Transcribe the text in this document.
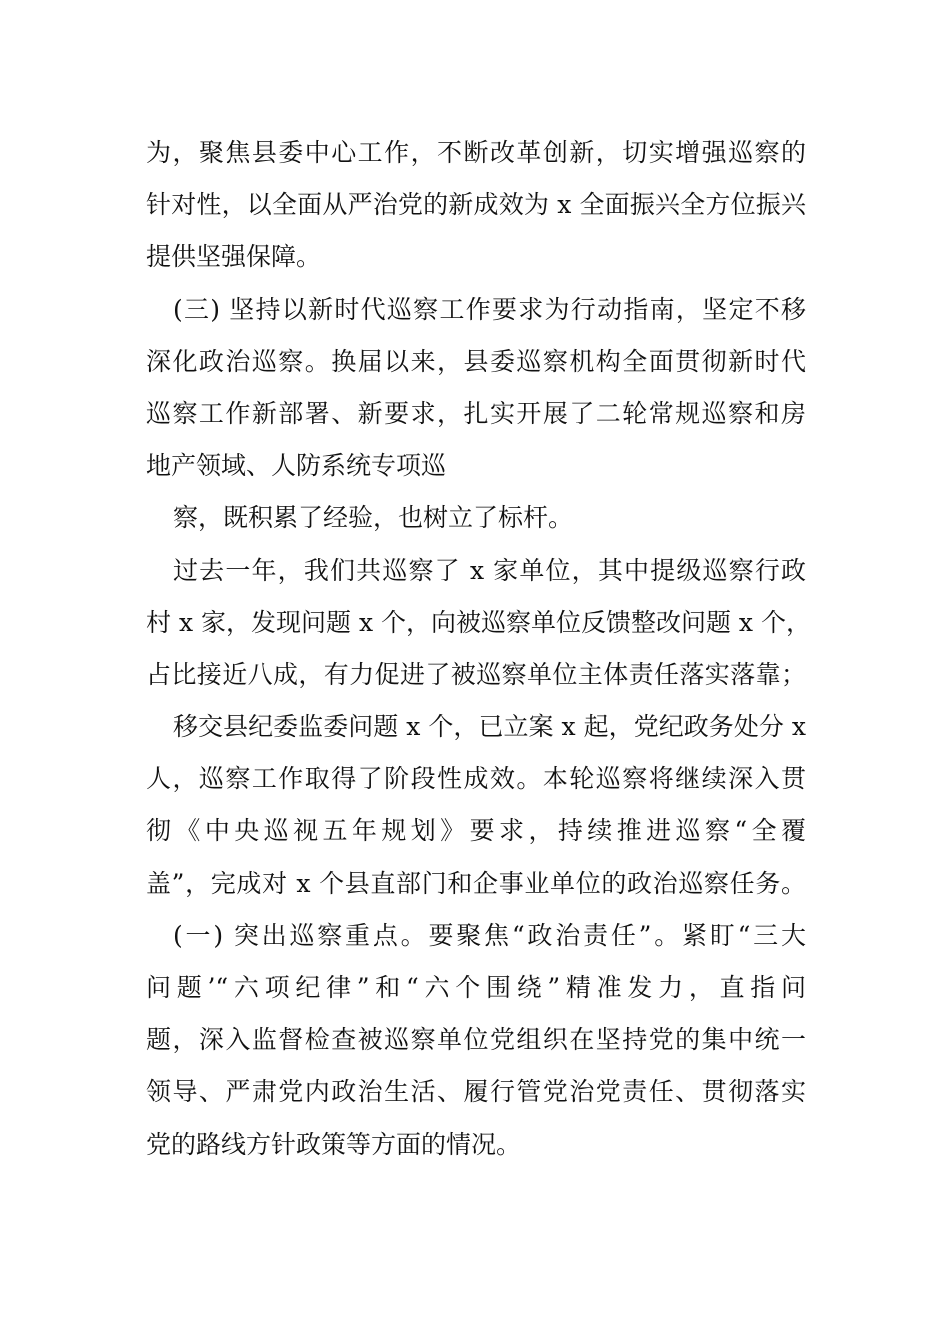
为，聚焦县委中心工作，不断改革创新，切实增强巡察的

针对性，以全面从严治党的新成效为 x 全面振兴全方位振兴

提供坚强保障。

(三) 坚持以新时代巡察工作要求为行动指南，坚定不移

深化政治巡察。换届以来，县委巡察机构全面贯彻新时代

巡察工作新部署、新要求，扎实开展了二轮常规巡察和房

地产领域、人防系统专项巡

察，既积累了经验，也树立了标杆。

过去一年，我们共巡察了 x 家单位，其中提级巡察行政

村 x 家，发现问题 x 个，向被巡察单位反馈整改问题 x 个，

占比接近八成，有力促进了被巡察单位主体责任落实落靠；

移交县纪委监委问题 x 个，已立案 x 起，党纪政务处分 x

人，巡察工作取得了阶段性成效。本轮巡察将继续深入贯

彻《中央巡视五年规划》要求，持续推进巡察“全覆

盖”，完成对 x 个县直部门和企事业单位的政治巡察任务。

(一) 突出巡察重点。要聚焦“政治责任”。紧盯“三大

问题’“六项纪律”和“六个围绕”精准发力，直指问

题，深入监督检查被巡察单位党组织在坚持党的集中统一

领导、严肃党内政治生活、履行管党治党责任、贯彻落实

党的路线方针政策等方面的情况。
